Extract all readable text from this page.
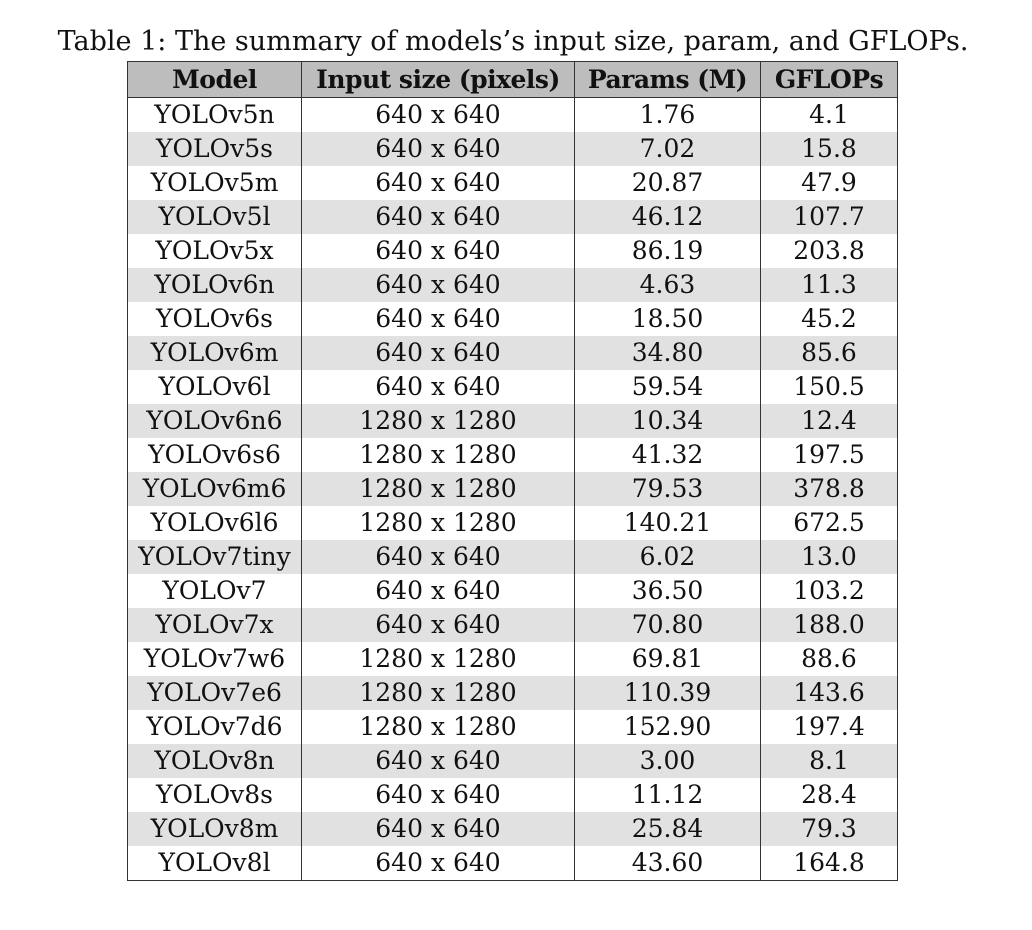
Table 1: The summary of models’s input size, param, and GFLOPs.
Model	Input size (pixels)	Params (M)	GFLOPs
YOLOv5n	640 x 640	1.76	4.1
YOLOv5s	640 x 640	7.02	15.8
YOLOv5m	640 x 640	20.87	47.9
YOLOv5l	640 x 640	46.12	107.7
YOLOv5x	640 x 640	86.19	203.8
YOLOv6n	640 x 640	4.63	11.3
YOLOv6s	640 x 640	18.50	45.2
YOLOv6m	640 x 640	34.80	85.6
YOLOv6l	640 x 640	59.54	150.5
YOLOv6n6	1280 x 1280	10.34	12.4
YOLOv6s6	1280 x 1280	41.32	197.5
YOLOv6m6	1280 x 1280	79.53	378.8
YOLOv6l6	1280 x 1280	140.21	672.5
YOLOv7tiny	640 x 640	6.02	13.0
YOLOv7	640 x 640	36.50	103.2
YOLOv7x	640 x 640	70.80	188.0
YOLOv7w6	1280 x 1280	69.81	88.6
YOLOv7e6	1280 x 1280	110.39	143.6
YOLOv7d6	1280 x 1280	152.90	197.4
YOLOv8n	640 x 640	3.00	8.1
YOLOv8s	640 x 640	11.12	28.4
YOLOv8m	640 x 640	25.84	79.3
YOLOv8l	640 x 640	43.60	164.8
